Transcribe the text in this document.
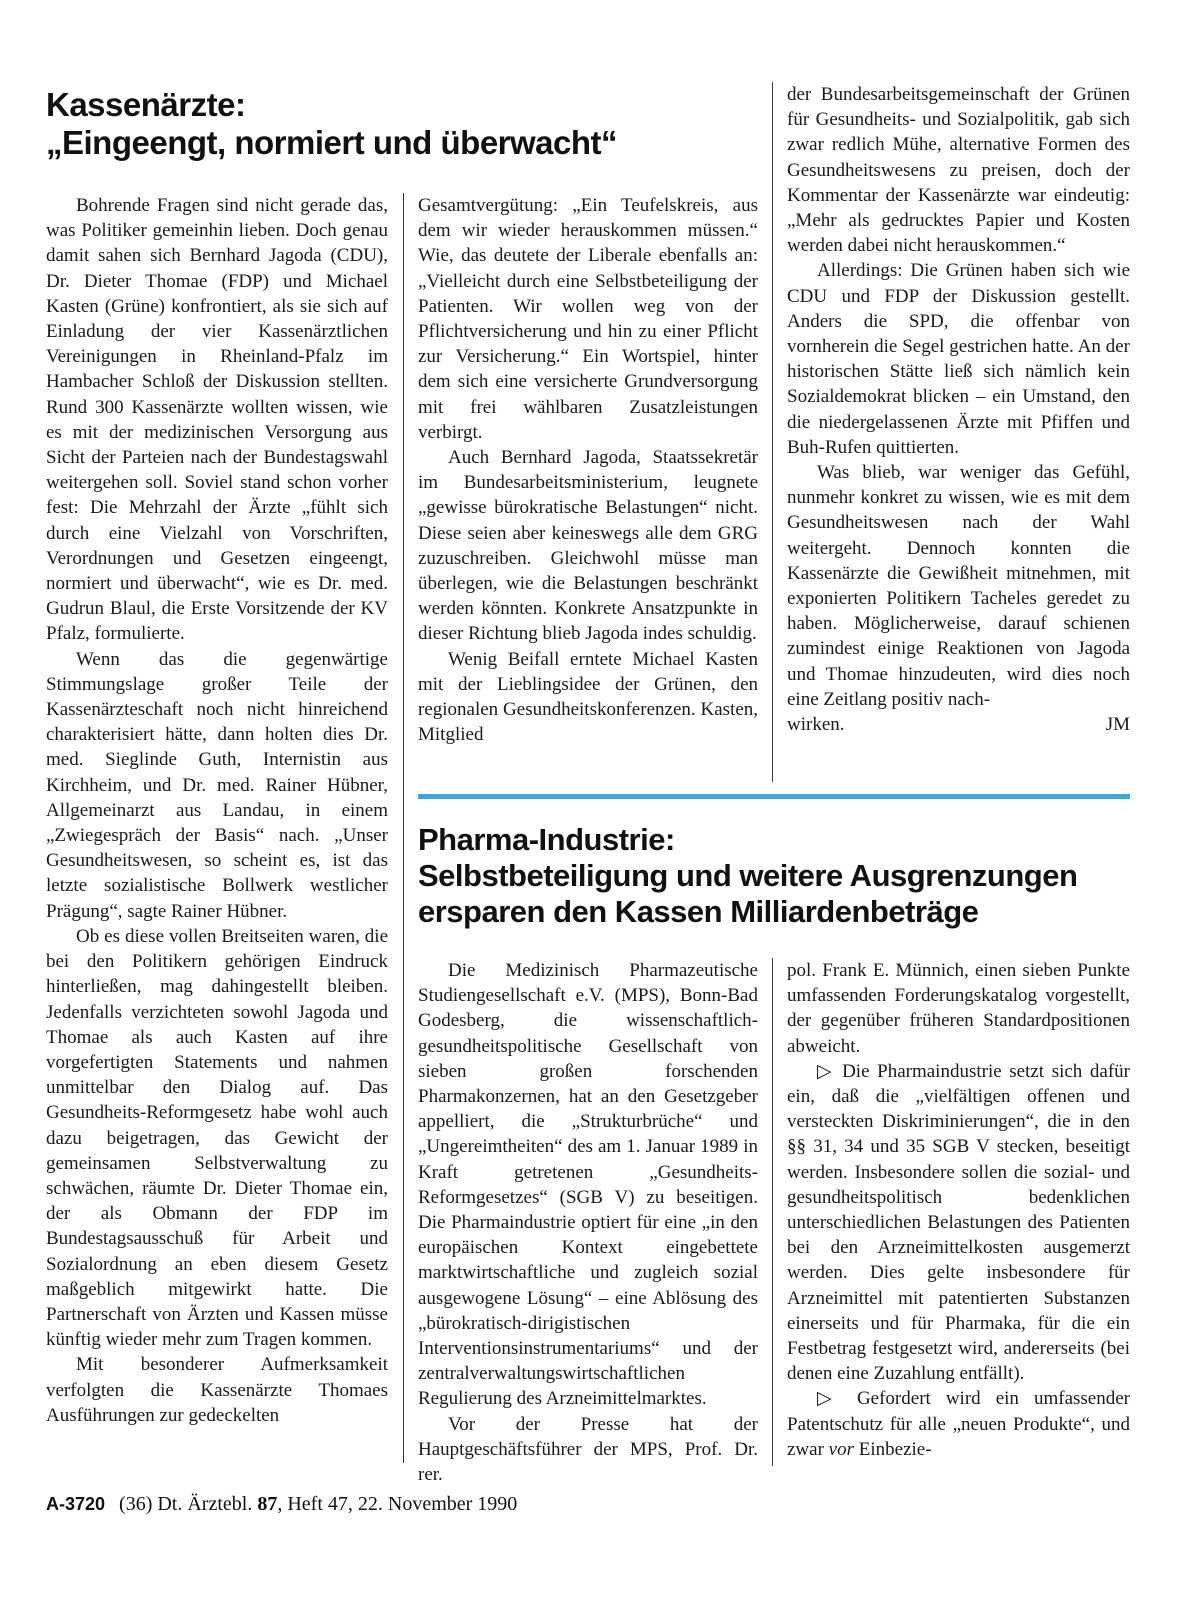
Kassenärzte:
„Eingeengt, normiert und überwacht“

Bohrende Fragen sind nicht gerade das, was Politiker gemeinhin lieben. Doch genau damit sahen sich Bernhard Jagoda (CDU), Dr. Dieter Thomae (FDP) und Michael Kasten (Grüne) konfrontiert, als sie sich auf Einladung der vier Kassenärztlichen Vereinigungen in Rheinland-Pfalz im Hambacher Schloß der Diskussion stellten. Rund 300 Kassenärzte wollten wissen, wie es mit der medizinischen Versorgung aus Sicht der Parteien nach der Bundestagswahl weitergehen soll. Soviel stand schon vorher fest: Die Mehrzahl der Ärzte „fühlt sich durch eine Vielzahl von Vorschriften, Verordnungen und Gesetzen eingeengt, normiert und überwacht“, wie es Dr. med. Gudrun Blaul, die Erste Vorsitzende der KV Pfalz, formulierte.

Wenn das die gegenwärtige Stimmungslage großer Teile der Kassenärzteschaft noch nicht hinreichend charakterisiert hätte, dann holten dies Dr. med. Sieglinde Guth, Internistin aus Kirchheim, und Dr. med. Rainer Hübner, Allgemeinarzt aus Landau, in einem „Zwiegespräch der Basis“ nach. „Unser Gesundheitswesen, so scheint es, ist das letzte sozialistische Bollwerk westlicher Prägung“, sagte Rainer Hübner.

Ob es diese vollen Breitseiten waren, die bei den Politikern gehörigen Eindruck hinterließen, mag dahingestellt bleiben. Jedenfalls verzichteten sowohl Jagoda und Thomae als auch Kasten auf ihre vorgefertigten Statements und nahmen unmittelbar den Dialog auf. Das Gesundheits-Reformgesetz habe wohl auch dazu beigetragen, das Gewicht der gemeinsamen Selbstverwaltung zu schwächen, räumte Dr. Dieter Thomae ein, der als Obmann der FDP im Bundestagsausschuß für Arbeit und Sozialordnung an eben diesem Gesetz maßgeblich mitgewirkt hatte. Die Partnerschaft von Ärzten und Kassen müsse künftig wieder mehr zum Tragen kommen.

Mit besonderer Aufmerksamkeit verfolgten die Kassenärzte Thomaes Ausführungen zur gedeckelten

Gesamtvergütung: „Ein Teufelskreis, aus dem wir wieder herauskommen müssen.“ Wie, das deutete der Liberale ebenfalls an: „Vielleicht durch eine Selbstbeteiligung der Patienten. Wir wollen weg von der Pflichtversicherung und hin zu einer Pflicht zur Versicherung.“ Ein Wortspiel, hinter dem sich eine versicherte Grundversorgung mit frei wählbaren Zusatzleistungen verbirgt.

Auch Bernhard Jagoda, Staatssekretär im Bundesarbeitsministerium, leugnete „gewisse bürokratische Belastungen“ nicht. Diese seien aber keineswegs alle dem GRG zuzuschreiben. Gleichwohl müsse man überlegen, wie die Belastungen beschränkt werden könnten. Konkrete Ansatzpunkte in dieser Richtung blieb Jagoda indes schuldig.

Wenig Beifall erntete Michael Kasten mit der Lieblingsidee der Grünen, den regionalen Gesundheitskonferenzen. Kasten, Mitglied

der Bundesarbeitsgemeinschaft der Grünen für Gesundheits- und Sozialpolitik, gab sich zwar redlich Mühe, alternative Formen des Gesundheitswesens zu preisen, doch der Kommentar der Kassenärzte war eindeutig: „Mehr als gedrucktes Papier und Kosten werden dabei nicht herauskommen.“

Allerdings: Die Grünen haben sich wie CDU und FDP der Diskussion gestellt. Anders die SPD, die offenbar von vornherein die Segel gestrichen hatte. An der historischen Stätte ließ sich nämlich kein Sozialdemokrat blicken – ein Umstand, den die niedergelassenen Ärzte mit Pfiffen und Buh-Rufen quittierten.

Was blieb, war weniger das Gefühl, nunmehr konkret zu wissen, wie es mit dem Gesundheitswesen nach der Wahl weitergeht. Dennoch konnten die Kassenärzte die Gewißheit mitnehmen, mit exponierten Politikern Tacheles geredet zu haben. Möglicherweise, darauf schienen zumindest einige Reaktionen von Jagoda und Thomae hinzudeuten, wird dies noch eine Zeitlang positiv nach-

wirken.	JM
Pharma-Industrie:
Selbstbeteiligung und weitere Ausgrenzungen
ersparen den Kassen Milliardenbeträge

Die Medizinisch Pharmazeutische Studiengesellschaft e.V. (MPS), Bonn-Bad Godesberg, die wissenschaftlich-gesundheitspolitische Gesellschaft von sieben großen forschenden Pharmakonzernen, hat an den Gesetzgeber appelliert, die „Strukturbrüche“ und „Ungereimtheiten“ des am 1. Januar 1989 in Kraft getretenen „Gesundheits-Reformgesetzes“ (SGB V) zu beseitigen. Die Pharmaindustrie optiert für eine „in den europäischen Kontext eingebettete marktwirtschaftliche und zugleich sozial ausgewogene Lösung“ – eine Ablösung des „bürokratisch-dirigistischen Interventionsinstrumentariums“ und der zentralverwaltungswirtschaftlichen Regulierung des Arzneimittelmarktes.

Vor der Presse hat der Hauptgeschäftsführer der MPS, Prof. Dr. rer.

pol. Frank E. Münnich, einen sieben Punkte umfassenden Forderungskatalog vorgestellt, der gegenüber früheren Standardpositionen abweicht.

▷ Die Pharmaindustrie setzt sich dafür ein, daß die „vielfältigen offenen und versteckten Diskriminierungen“, die in den §§ 31, 34 und 35 SGB V stecken, beseitigt werden. Insbesondere sollen die sozial- und gesundheitspolitisch bedenklichen unterschiedlichen Belastungen des Patienten bei den Arzneimittelkosten ausgemerzt werden. Dies gelte insbesondere für Arzneimittel mit patentierten Substanzen einerseits und für Pharmaka, für die ein Festbetrag festgesetzt wird, andererseits (bei denen eine Zuzahlung entfällt).

▷ Gefordert wird ein umfassender Patentschutz für alle „neuen Produkte“, und zwar vor Einbezie-

A-3720 (36) Dt. Ärztebl. 87, Heft 47, 22. November 1990
